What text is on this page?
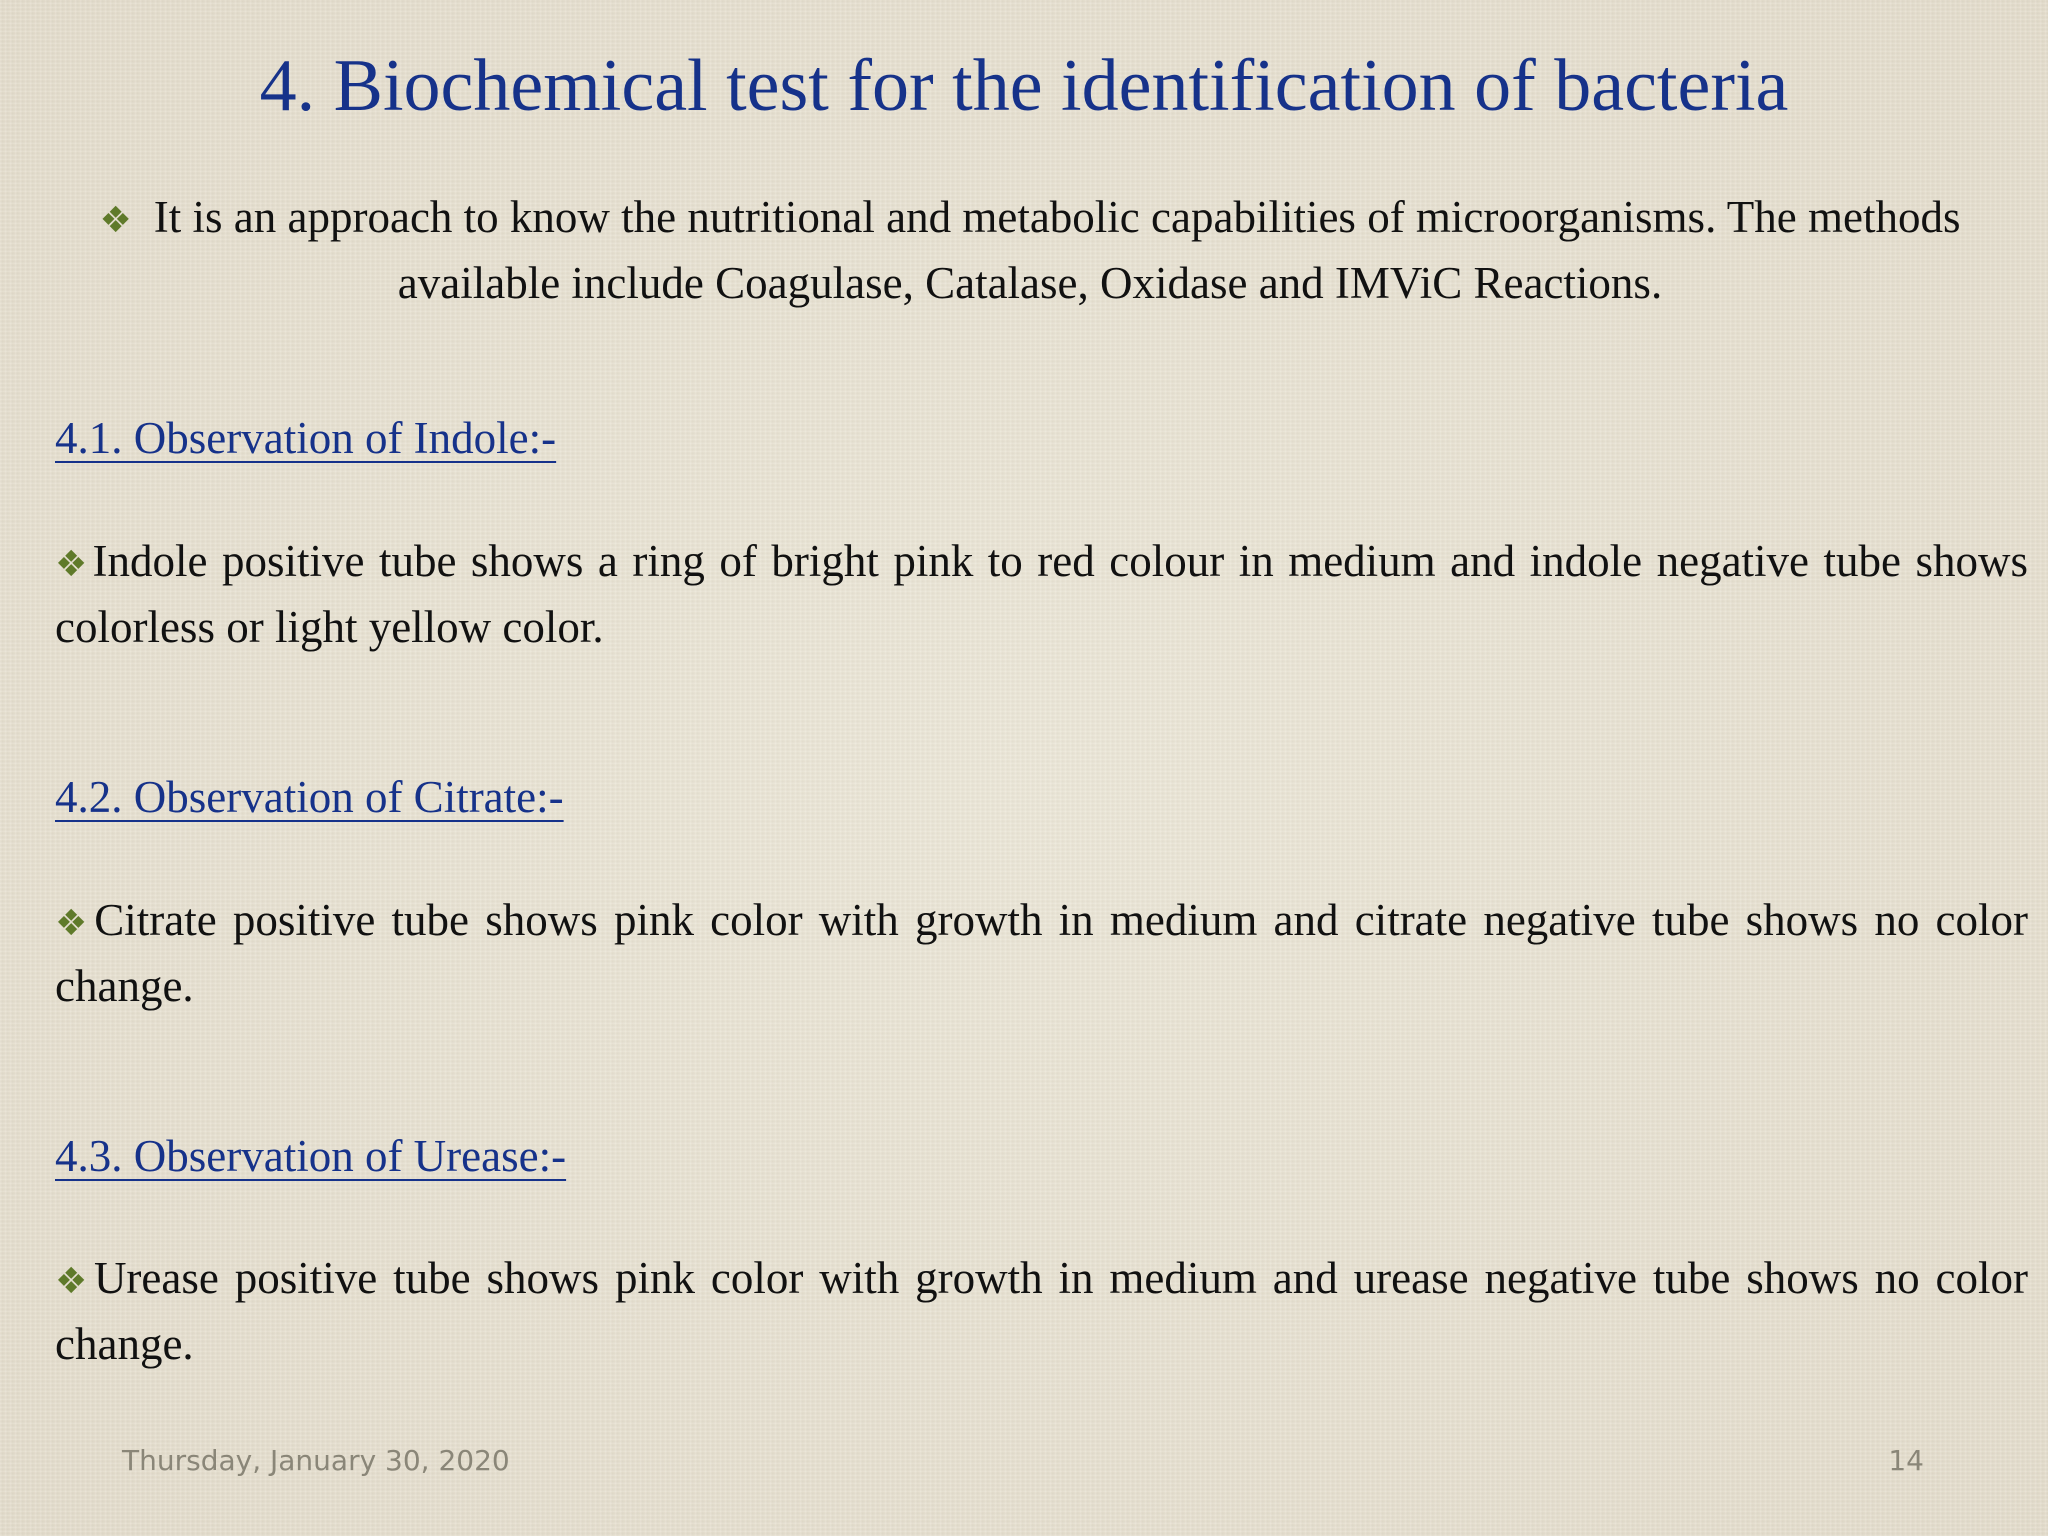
4. Biochemical test for the identification of bacteria
❖ It is an approach to know the nutritional and metabolic capabilities of microorganisms. The methods available include Coagulase, Catalase, Oxidase and IMViC Reactions.
4.1. Observation of Indole:-
❖Indole positive tube shows a ring of bright pink to red colour in medium and indole negative tube shows colorless or light yellow color.
4.2. Observation of Citrate:-
❖Citrate positive tube shows pink color with growth in medium and citrate negative tube shows no color change.
4.3. Observation of Urease:-
❖Urease positive tube shows pink color with growth in medium and urease negative tube shows no color change.
Thursday, January 30, 2020	14
